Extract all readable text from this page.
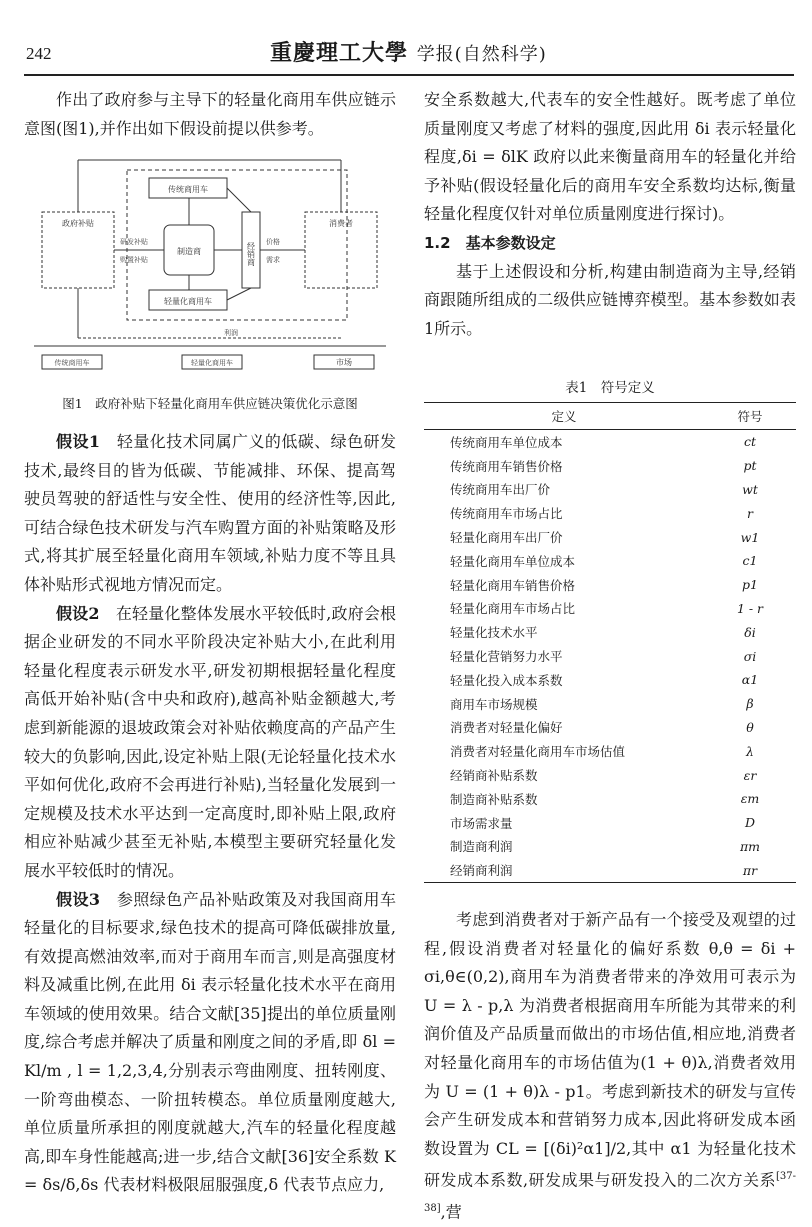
242	重慶理工大學 学报(自然科学)

作出了政府参与主导下的轻量化商用车供应链示意图(图1),并作出如下假设前提以供参考。

传统商用车
轻量化商用车
制造商	经销商
消费者
政府补贴
市场
研发补贴
购置补贴
价格
需求
传统商用车	轻量化商用车
利润
图1　政府补贴下轻量化商用车供应链决策优化示意图

假设1　轻量化技术同属广义的低碳、绿色研发技术,最终目的皆为低碳、节能减排、环保、提高驾驶员驾驶的舒适性与安全性、使用的经济性等,因此,可结合绿色技术研发与汽车购置方面的补贴策略及形式,将其扩展至轻量化商用车领域,补贴力度不等且具体补贴形式视地方情况而定。

假设2　在轻量化整体发展水平较低时,政府会根据企业研发的不同水平阶段决定补贴大小,在此利用轻量化程度表示研发水平,研发初期根据轻量化程度高低开始补贴(含中央和政府),越高补贴金额越大,考虑到新能源的退坡政策会对补贴依赖度高的产品产生较大的负影响,因此,设定补贴上限(无论轻量化技术水平如何优化,政府不会再进行补贴),当轻量化发展到一定规模及技术水平达到一定高度时,即补贴上限,政府相应补贴减少甚至无补贴,本模型主要研究轻量化发展水平较低时的情况。

假设3　参照绿色产品补贴政策及对我国商用车轻量化的目标要求,绿色技术的提高可降低碳排放量,有效提高燃油效率,而对于商用车而言,则是高强度材料及减重比例,在此用 δi 表示轻量化技术水平在商用车领域的使用效果。结合文献[35]提出的单位质量刚度,综合考虑并解决了质量和刚度之间的矛盾,即 δl = Kl/m , l = 1,2,3,4,分别表示弯曲刚度、扭转刚度、一阶弯曲模态、一阶扭转模态。单位质量刚度越大,单位质量所承担的刚度就越大,汽车的轻量化程度越高,即车身性能越高;进一步,结合文献[36]安全系数 K = δs/δ,δs 代表材料极限屈服强度,δ 代表节点应力,

安全系数越大,代表车的安全性越好。既考虑了单位质量刚度又考虑了材料的强度,因此用 δi 表示轻量化程度,δi = δlK 政府以此来衡量商用车的轻量化并给予补贴(假设轻量化后的商用车安全系数均达标,衡量轻量化程度仅针对单位质量刚度进行探讨)。

1.2　基本参数设定

基于上述假设和分析,构建由制造商为主导,经销商跟随所组成的二级供应链博弈模型。基本参数如表1所示。

表1　符号定义
定义	符号
传统商用车单位成本	ct
传统商用车销售价格	pt
传统商用车出厂价	wt
传统商用车市场占比	r
轻量化商用车出厂价	w1
轻量化商用车单位成本	c1
轻量化商用车销售价格	p1
轻量化商用车市场占比	1 - r
轻量化技术水平	δi
轻量化营销努力水平	σi
轻量化投入成本系数	α1
商用车市场规模	β
消费者对轻量化偏好	θ
消费者对轻量化商用车市场估值	λ
经销商补贴系数	εr
制造商补贴系数	εm
市场需求量	D
制造商利润	πm
经销商利润	πr

考虑到消费者对于新产品有一个接受及观望的过程,假设消费者对轻量化的偏好系数 θ,θ = δi + σi,θ∈(0,2),商用车为消费者带来的净效用可表示为 U = λ - p,λ 为消费者根据商用车所能为其带来的利润价值及产品质量而做出的市场估值,相应地,消费者对轻量化商用车的市场估值为(1 + θ)λ,消费者效用为 U = (1 + θ)λ - p1。考虑到新技术的研发与宣传会产生研发成本和营销努力成本,因此将研发成本函数设置为 CL = [(δi)²α1]/2,其中 α1 为轻量化技术研发成本系数,研发成果与研发投入的二次方关系[37-38],营
